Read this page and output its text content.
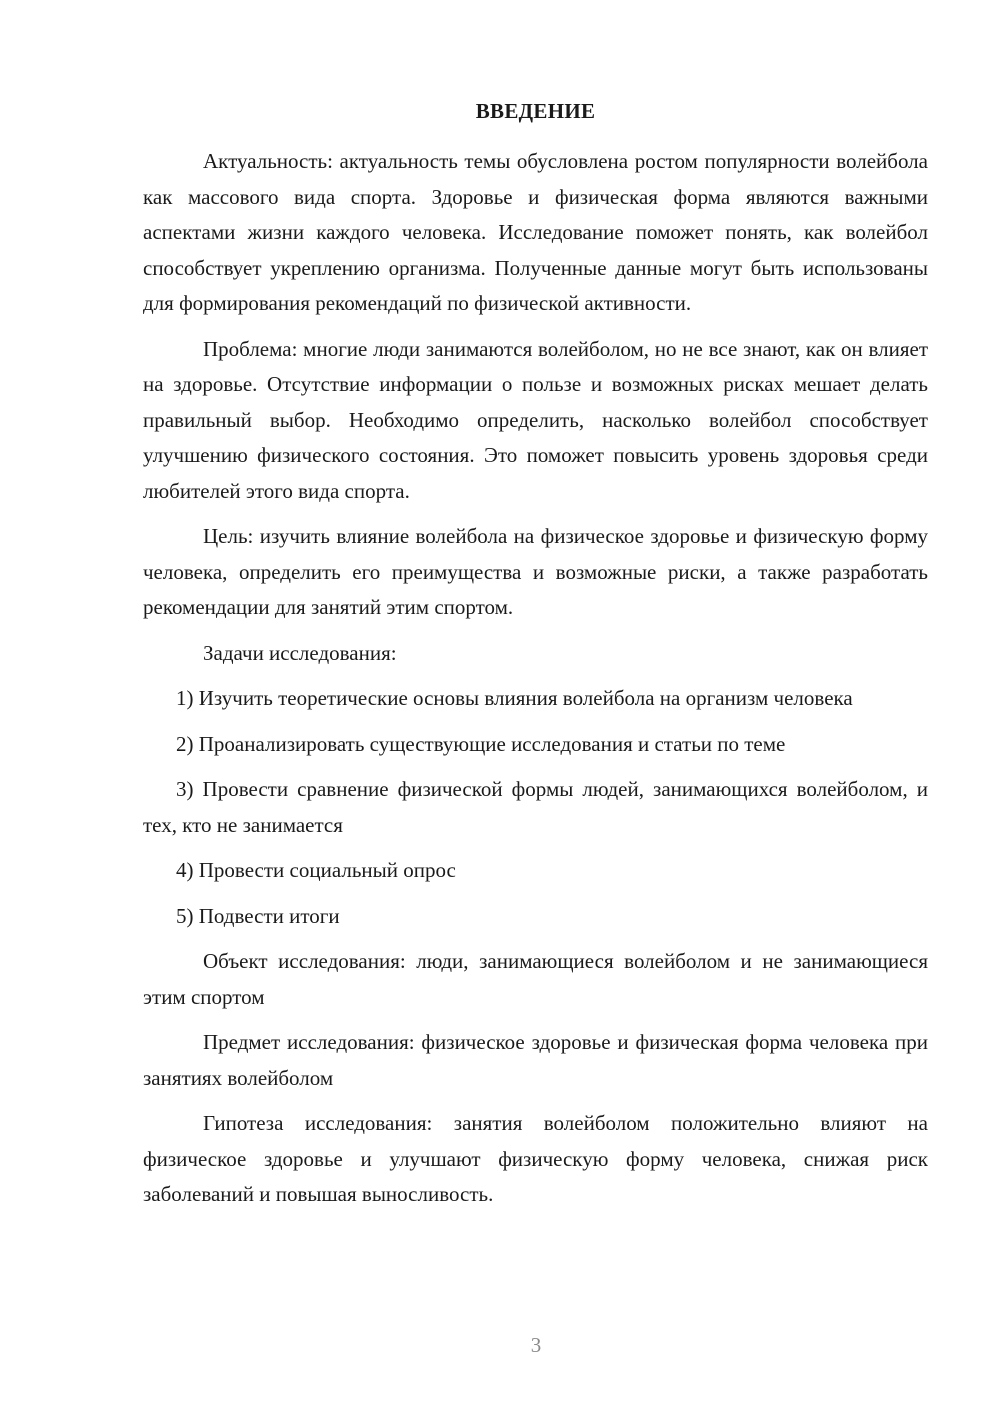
ВВЕДЕНИЕ

Актуальность: актуальность темы обусловлена ростом популярности волейбола как массового вида спорта. Здоровье и физическая форма являются важными аспектами жизни каждого человека. Исследование поможет понять, как волейбол способствует укреплению организма. Полученные данные могут быть использованы для формирования рекомендаций по физической активности.

Проблема: многие люди занимаются волейболом, но не все знают, как он влияет на здоровье. Отсутствие информации о пользе и возможных рисках мешает делать правильный выбор. Необходимо определить, насколько волейбол способствует улучшению физического состояния. Это поможет повысить уровень здоровья среди любителей этого вида спорта.

Цель: изучить влияние волейбола на физическое здоровье и физическую форму человека, определить его преимущества и возможные риски, а также разработать рекомендации для занятий этим спортом.

Задачи исследования:

1) Изучить теоретические основы влияния волейбола на организм человека

2) Проанализировать существующие исследования и статьи по теме

3) Провести сравнение физической формы людей, занимающихся волейболом, и тех, кто не занимается

4) Провести социальный опрос

5) Подвести итоги

Объект исследования: люди, занимающиеся волейболом и не занимающиеся этим спортом

Предмет исследования: физическое здоровье и физическая форма человека при занятиях волейболом

Гипотеза исследования: занятия волейболом положительно влияют на физическое здоровье и улучшают физическую форму человека, снижая риск заболеваний и повышая выносливость.

3
